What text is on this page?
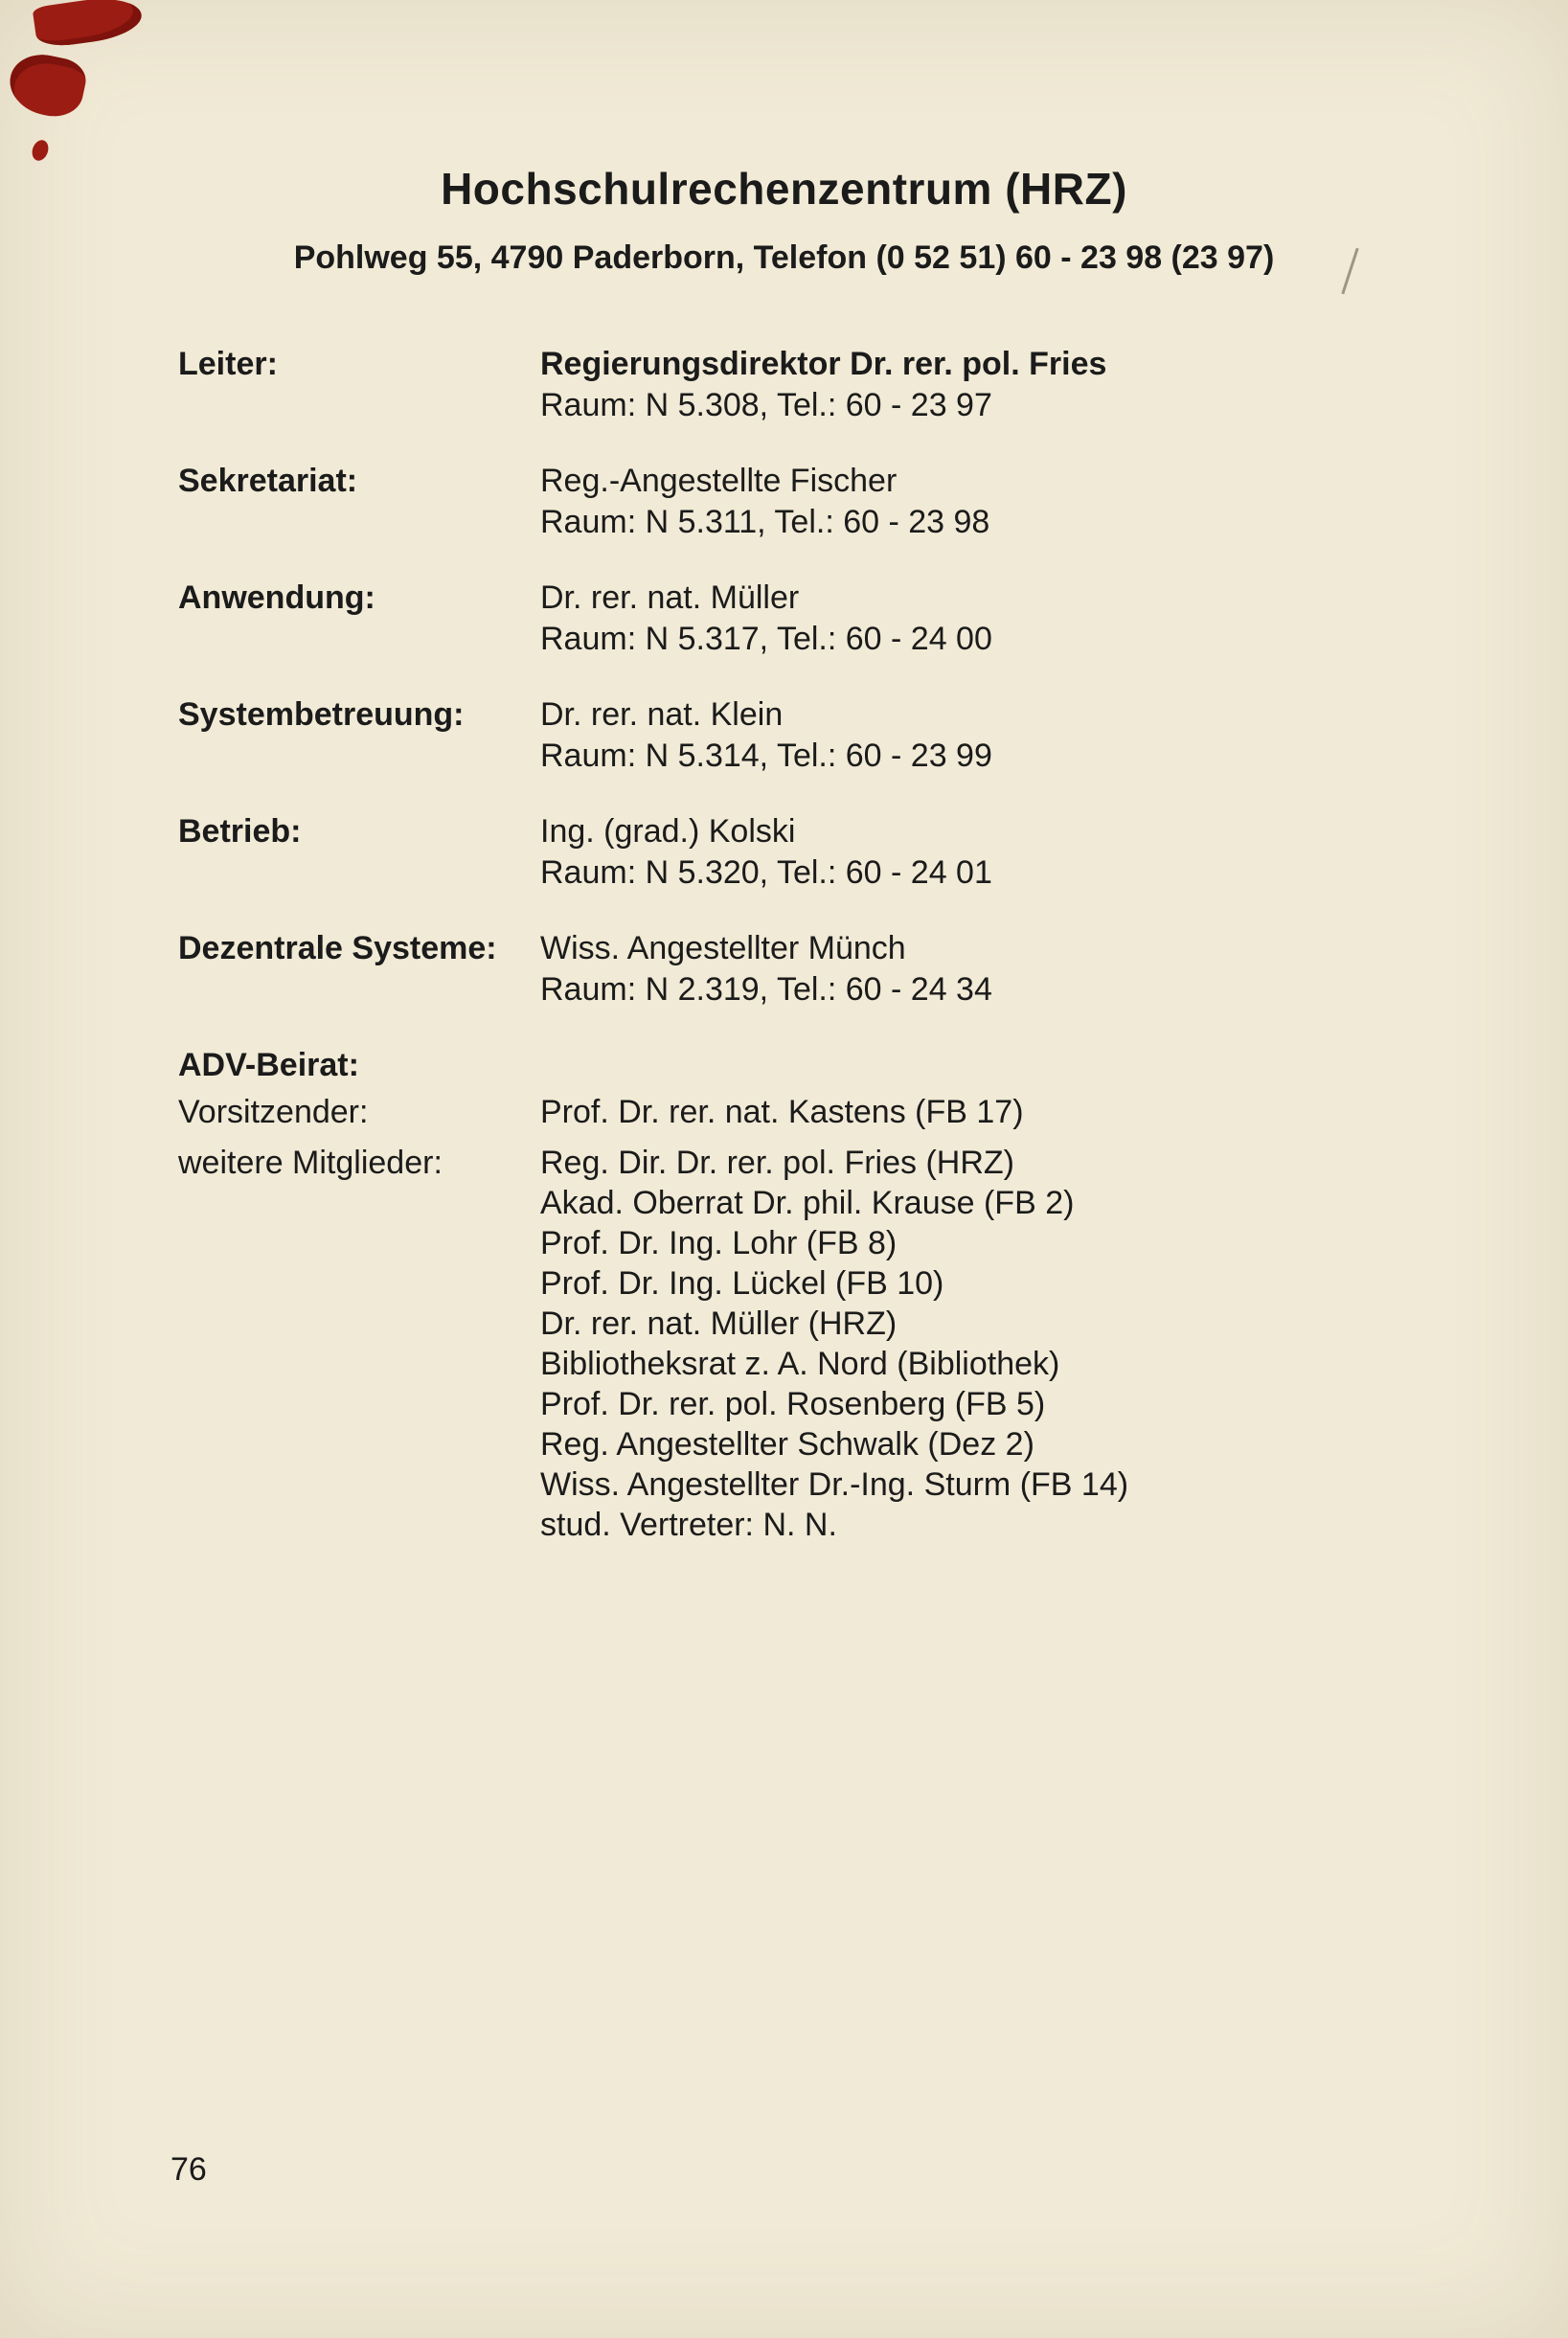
Hochschulrechenzentrum (HRZ)
Pohlweg 55, 4790 Paderborn, Telefon (0 52 51) 60 - 23 98 (23 97)
Leiter:	Regierungsdirektor Dr. rer. pol. Fries
Raum: N 5.308, Tel.: 60 - 23 97
Sekretariat:	Reg.-Angestellte Fischer
Raum: N 5.311, Tel.: 60 - 23 98
Anwendung:	Dr. rer. nat. Müller
Raum: N 5.317, Tel.: 60 - 24 00
Systembetreuung:	Dr. rer. nat. Klein
Raum: N 5.314, Tel.: 60 - 23 99
Betrieb:	Ing. (grad.) Kolski
Raum: N 5.320, Tel.: 60 - 24 01
Dezentrale Systeme:	Wiss. Angestellter Münch
Raum: N 2.319, Tel.: 60 - 24 34
ADV-Beirat:
Vorsitzender:	Prof. Dr. rer. nat. Kastens (FB 17)
weitere Mitglieder:	Reg. Dir. Dr. rer. pol. Fries (HRZ)
Akad. Oberrat Dr. phil. Krause (FB 2)
Prof. Dr. Ing. Lohr (FB 8)
Prof. Dr. Ing. Lückel (FB 10)
Dr. rer. nat. Müller (HRZ)
Bibliotheksrat z. A. Nord (Bibliothek)
Prof. Dr. rer. pol. Rosenberg (FB 5)
Reg. Angestellter Schwalk (Dez 2)
Wiss. Angestellter Dr.-Ing. Sturm (FB 14)
stud. Vertreter: N. N.
76
